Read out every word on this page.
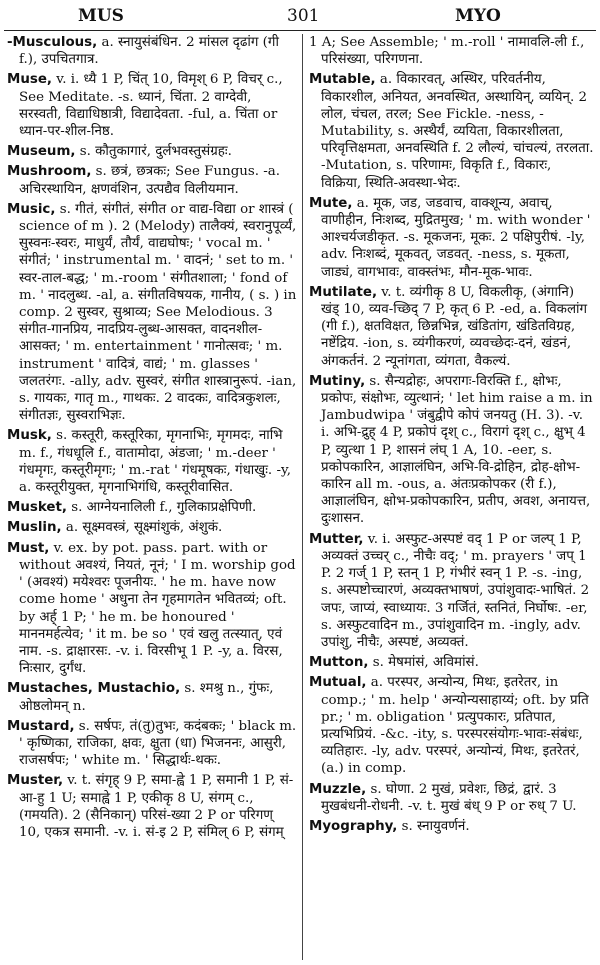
MUS	301	MYO

-Musculous, a. स्नायुसंबंधिन. 2 मांसल दृढांग (गी f.), उपचितगात्र.

Muse, v. i. ध्यै 1 P, चिंत् 10, विमृश् 6 P, विचर् c., See Meditate. -s. ध्यानं, चिंता. 2 वाग्देवी, सरस्वती, विद्याधिष्ठात्री, विद्यादेवता. -ful, a. चिंता or ध्यान-पर-शील-निष्ठ.

Museum, s. कौतुकागारं, दुर्लभवस्तुसंग्रहः.

Mushroom, s. छत्रं, छत्रकः; See Fungus. -a. अचिरस्थायिन, क्षणवंशिन, उत्पद्यैव विलीयमान.

Music, s. गीतं, संगीतं, संगीत or वाद्य-विद्या or शास्त्रं ( science of m ). 2 (Melody) तालैक्यं, स्वरानुपूर्व्यं, सुस्वनः-स्वरः, माधुर्यं, तौर्यं, वाद्यघोषः; ' vocal m. ' संगीतं; ' instrumental m. ' वादनं; ' set to m. ' स्वर-ताल-बद्ध; ' m.-room ' संगीतशाला; ' fond of m. ' नादलुब्ध. -al, a. संगीतविषयक, गानीय, ( s. ) in comp. 2 सुस्वर, सुश्राव्य; See Melodious. 3 संगीत-गानप्रिय, नादप्रिय-लुब्ध-आसक्त, वादनशील-आसक्त; ' m. entertainment ' गानोत्सवः; ' m. instrument ' वादित्रं, वाद्यं; ' m. glasses ' जलतरंगः. -ally, adv. सुस्वरं, संगीत शास्त्रानुरूपं. -ian, s. गायकः, गातृ m., गाथकः. 2 वादकः, वादित्रकुशलः, संगीतज्ञः, सुस्वराभिज्ञः.

Musk, s. कस्तूरी, कस्तूरिका, मृगनाभिः, मृगमदः, नाभि m. f., गंधधूलि f., वातामोदा, अंडजा; ' m.-deer ' गंधमृगः, कस्तूरीमृगः; ' m.-rat ' गंधमूषकः, गंधाखुः. -y, a. कस्तूरीयुक्त, मृगनाभिगंधि, कस्तूरीवासित.

Musket, s. आग्नेयनालिली f., गुलिकाप्रक्षेपिणी.

Muslin, a. सूक्ष्मवस्त्रं, सूक्ष्मांशुकं, अंशुकं.

Must, v. ex. by pot. pass. part. with or without अवश्यं, नियतं, नूनं; ' I m. worship god ' (अवश्यं) मयेश्वरः पूजनीयः. ' he m. have now come home ' अधुना तेन गृहमागतेन भवितव्यं; oft. by अर्ह् 1 P; ' he m. be honoured ' माननमर्हत्येव; ' it m. be so ' एवं खलु तत्स्यात्, एवं नाम. -s. द्राक्षारसः. -v. i. विरसीभू 1 P. -y, a. विरस, निःसार, दुर्गंध.

Mustaches, Mustachio, s. श्मश्रु n., गुंफः, ओष्ठलोमन् n.

Mustard, s. सर्षपः, तं(तु)तुभः, कदंबकः; ' black m. ' कृष्णिका, राजिका, क्षवः, क्षुता (धा) भिजननः, आसुरी, राजसर्षपः; ' white m. ' सिद्धार्थः-थकः.

Muster, v. t. संगृह् 9 P, समा-ह्वे 1 P, समानी 1 P, सं-आ-हु 1 U; समाह्वे 1 P, एकीकृ 8 U, संगम् c., (गमयति). 2 (सैनिकान्) परिसं-ख्या 2 P or परिगण् 10, एकत्र समानी. -v. i. सं-इ 2 P, संमिल् 6 P, संगम्

1 A; See Assemble; ' m.-roll ' नामावलि-ली f., परिसंख्या, परिगणना.

Mutable, a. विकारवत्, अस्थिर, परिवर्तनीय, विकारशील, अनियत, अनवस्थित, अस्थायिन्, व्ययिन्. 2 लोल, चंचल, तरल; See Fickle. -ness, -Mutability, s. अस्थैर्यं, व्ययिता, विकारशीलता, परिवृत्तिक्षमता, अनवस्थिति f. 2 लौल्यं, चांचल्यं, तरलता. -Mutation, s. परिणामः, विकृति f., विकारः, विक्रिया, स्थिति-अवस्था-भेदः.

Mute, a. मूक, जड, जडवाच, वाक्शून्य, अवाच्, वाणीहीन, निःशब्द, मुद्रितमुख; ' m. with wonder ' आश्चर्यजडीकृत. -s. मूकजनः, मूकः. 2 पक्षिपुरीषं. -ly, adv. निःशब्दं, मूकवत्, जडवत्. -ness, s. मूकता, जाड्यं, वागभावः, वाक्स्तंभः, मौन-मूक-भावः.

Mutilate, v. t. व्यंगीकृ 8 U, विकलीकृ, (अंगानि) खंड् 10, व्यव-च्छिद् 7 P, कृत् 6 P. -ed, a. विकलांग (गी f.), क्षतविक्षत, छिन्नभिन्न, खंडितांग, खंडितविग्रह, नष्टेंद्रिय. -ion, s. व्यंगीकरणं, व्यवच्छेदः-दनं, खंडनं, अंगकर्तनं. 2 न्यूनांगता, व्यंगता, वैकल्यं.

Mutiny, s. सैन्यद्रोहः, अपरागः-विरक्ति f., क्षोभः, प्रकोपः, संक्षोभः, व्युत्थानं; ' let him raise a m. in Jambudwipa ' जंबुद्वीपे कोपं जनयतु (H. 3). -v. i. अभि-द्रुह् 4 P, प्रकोपं दृश् c., विरागं दृश् c., क्षुभ् 4 P, व्युत्था 1 P, शासनं लंघ् 1 A, 10. -eer, s. प्रकोपकारिन, आज्ञालंघिन, अभि-वि-द्रोहिन, द्रोह-क्षोभ-कारिन all m. -ous, a. अंतःप्रकोपकर (री f.), आज्ञालंघिन, क्षोभ-प्रकोपकारिन, प्रतीप, अवश, अनायत्त, दुःशासन.

Mutter, v. i. अस्फुट-अस्पष्टं वद् 1 P or जल्प् 1 P, अव्यक्तं उच्चर् c., नीचैः वद्; ' m. prayers ' जप् 1 P. 2 गर्ज् 1 P, स्तन् 1 P, गंभीरं स्वन् 1 P. -s. -ing, s. अस्पष्टोच्चारणं, अव्यक्तभाषणं, उपांशुवादः-भाषितं. 2 जपः, जाप्यं, स्वाध्यायः. 3 गर्जितं, स्तनितं, निर्घोषः. -er, s. अस्फुटवादिन m., उपांशुवादिन m. -ingly, adv. उपांशु, नीचैः, अस्पष्टं, अव्यक्तं.

Mutton, s. मेषमांसं, अविमांसं.

Mutual, a. परस्पर, अन्योन्य, मिथः, इतरेतर, in comp.; ' m. help ' अन्योन्यसाहाय्यं; oft. by प्रति pr.; ' m. obligation ' प्रत्युपकारः, प्रतिपात, प्रत्यभिप्रियं. -&c. -ity, s. परस्परसंयोगः-भावः-संबंधः, व्यतिहारः. -ly, adv. परस्परं, अन्योन्यं, मिथः, इतरेतरं, (a.) in comp.

Muzzle, s. घोणा. 2 मुखं, प्रवेशः, छिद्रं, द्वारं. 3 मुखबंधनी-रोधनी. -v. t. मुखं बंध् 9 P or रुध् 7 U.

Myography, s. स्नायुवर्णनं.
